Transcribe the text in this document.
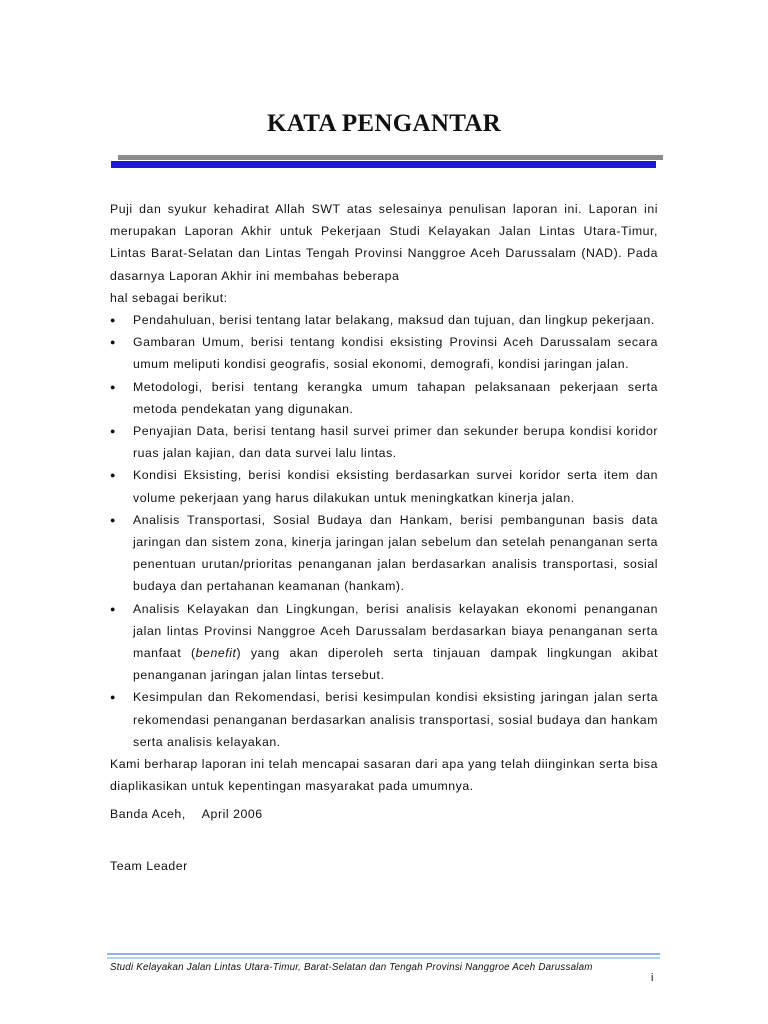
KATA PENGANTAR

Puji dan syukur kehadirat Allah SWT atas selesainya penulisan laporan ini. Laporan ini merupakan Laporan Akhir untuk Pekerjaan Studi Kelayakan Jalan Lintas Utara-Timur, Lintas Barat-Selatan dan Lintas Tengah Provinsi Nanggroe Aceh Darussalam (NAD). Pada dasarnya Laporan Akhir ini membahas beberapa
hal sebagai berikut:

● Pendahuluan, berisi tentang latar belakang, maksud dan tujuan, dan lingkup pekerjaan.
● Gambaran Umum, berisi tentang kondisi eksisting Provinsi Aceh Darussalam secara umum meliputi kondisi geografis, sosial ekonomi, demografi, kondisi jaringan jalan.
● Metodologi, berisi tentang kerangka umum tahapan pelaksanaan pekerjaan serta metoda pendekatan yang digunakan.
● Penyajian Data, berisi tentang hasil survei primer dan sekunder berupa kondisi koridor ruas jalan kajian, dan data survei lalu lintas.
● Kondisi Eksisting, berisi kondisi eksisting berdasarkan survei koridor serta item dan volume pekerjaan yang harus dilakukan untuk meningkatkan kinerja jalan.
● Analisis Transportasi, Sosial Budaya dan Hankam, berisi pembangunan basis data jaringan dan sistem zona, kinerja jaringan jalan sebelum dan setelah penanganan serta penentuan urutan/prioritas penanganan jalan berdasarkan analisis transportasi, sosial budaya dan pertahanan keamanan (hankam).
● Analisis Kelayakan dan Lingkungan, berisi analisis kelayakan ekonomi penanganan jalan lintas Provinsi Nanggroe Aceh Darussalam berdasarkan biaya penanganan serta manfaat (benefit) yang akan diperoleh serta tinjauan dampak lingkungan akibat penanganan jaringan jalan lintas tersebut.
● Kesimpulan dan Rekomendasi, berisi kesimpulan kondisi eksisting jaringan jalan serta rekomendasi penanganan berdasarkan analisis transportasi, sosial budaya dan hankam serta analisis kelayakan.

Kami berharap laporan ini telah mencapai sasaran dari apa yang telah diinginkan serta bisa diaplikasikan untuk kepentingan masyarakat pada umumnya.

Banda Aceh, April 2006

Team Leader

Studi Kelayakan Jalan Lintas Utara-Timur, Barat-Selatan dan Tengah Provinsi Nanggroe Aceh Darussalam
i
